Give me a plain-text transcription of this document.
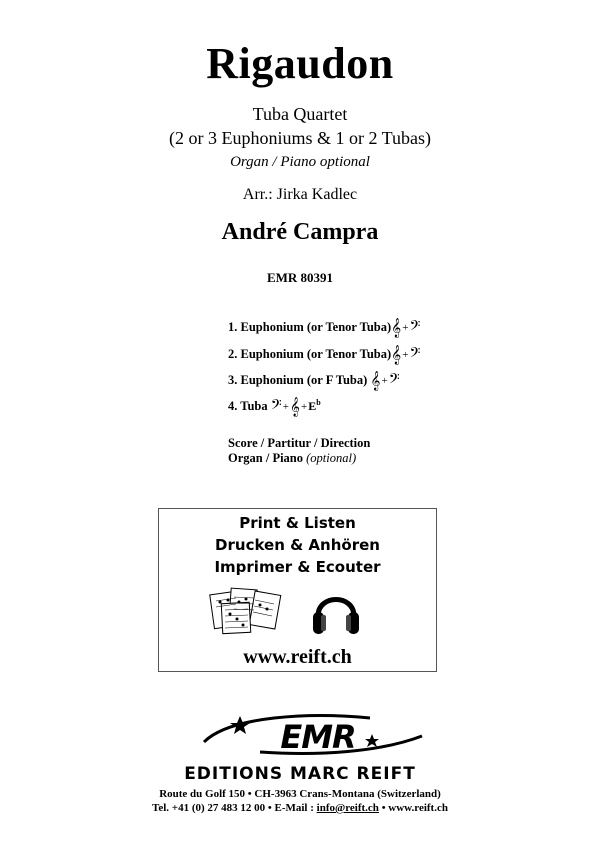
Rigaudon
Tuba Quartet
(2 or 3 Euphoniums & 1 or 2 Tubas)
Organ / Piano optional
Arr.: Jirka Kadlec
André Campra
EMR 80391
1. Euphonium (or Tenor Tuba)𝄞+𝄢
2. Euphonium (or Tenor Tuba)𝄞+𝄢
3. Euphonium (or F Tuba) 𝄞+𝄢
4. Tuba $𝄢+𝄞+E^b$
Score / Partitur / Direction
Organ / Piano (optional)
Print & Listen
Drucken & Anhören
Imprimer & Ecouter
www.reift.ch
EMR
EDITIONS MARC REIFT
Route du Golf 150 • CH-3963 Crans-Montana (Switzerland)
Tel. +41 (0) 27 483 12 00 • E-Mail : info@reift.ch • www.reift.ch
